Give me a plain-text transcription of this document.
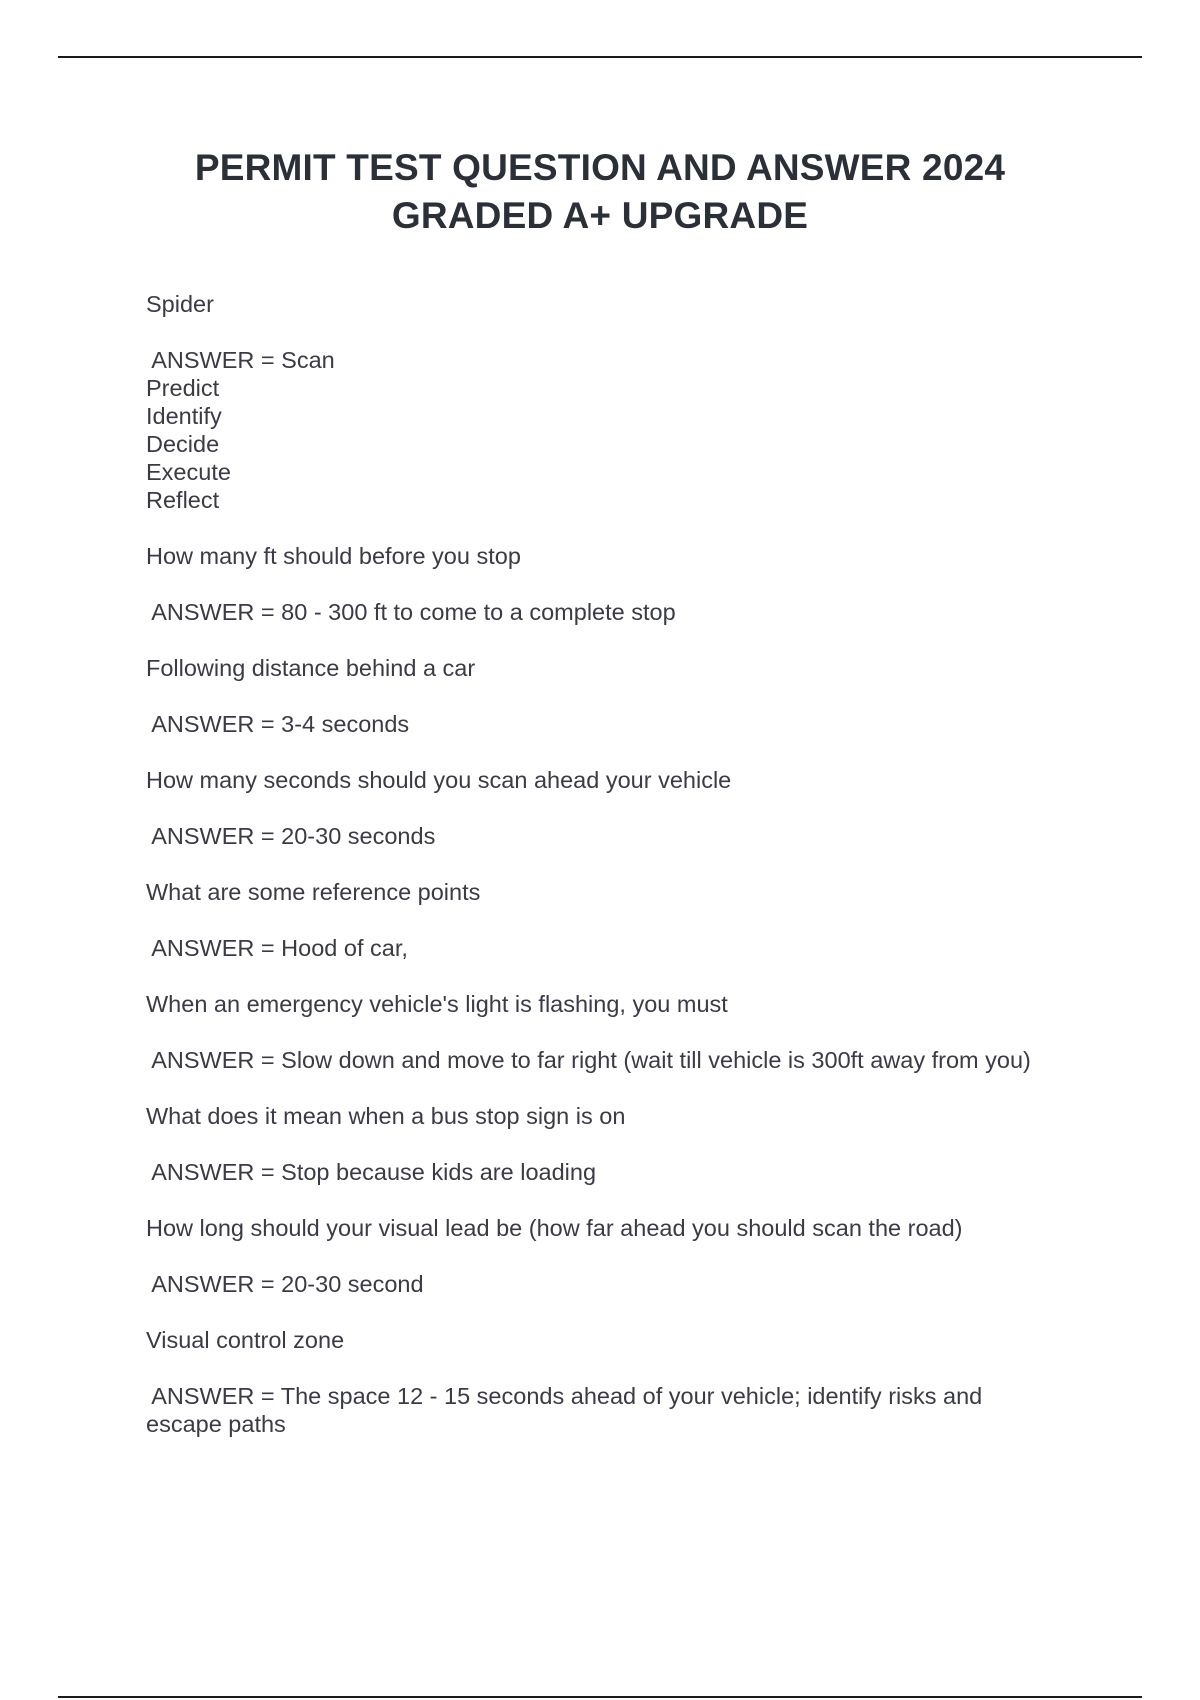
PERMIT TEST QUESTION AND ANSWER 2024
GRADED A+ UPGRADE
Spider
ANSWER = Scan
Predict
Identify
Decide
Execute
Reflect
How many ft should before you stop
ANSWER = 80 - 300 ft to come to a complete stop
Following distance behind a car
ANSWER = 3-4 seconds
How many seconds should you scan ahead your vehicle
ANSWER = 20-30 seconds
What are some reference points
ANSWER = Hood of car,
When an emergency vehicle's light is flashing, you must
ANSWER = Slow down and move to far right (wait till vehicle is 300ft away from you)
What does it mean when a bus stop sign is on
ANSWER = Stop because kids are loading
How long should your visual lead be (how far ahead you should scan the road)
ANSWER = 20-30 second
Visual control zone
ANSWER = The space 12 - 15 seconds ahead of your vehicle; identify risks and
escape paths
